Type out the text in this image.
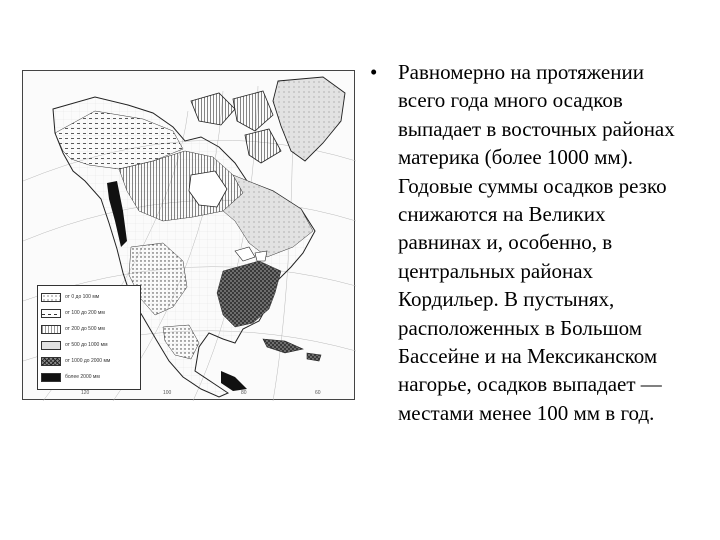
от 0 до 100 мм
от 100 до 200 мм
от 200 до 500 мм
от 500 до 1000 мм
от 1000 до 2000 мм
более 2000 мм
120	100	80	60
• Равномерно на протяжении всего года много осадков выпадает в восточных районах материка (более 1000 мм). Годовые суммы осадков резко снижаются на Великих равнинах и, особенно, в центральных районах Кордильер. В пустынях, расположенных в Большом Бассейне и на Мексиканском нагорье, осадков выпадает — местами менее 100 мм в год.
